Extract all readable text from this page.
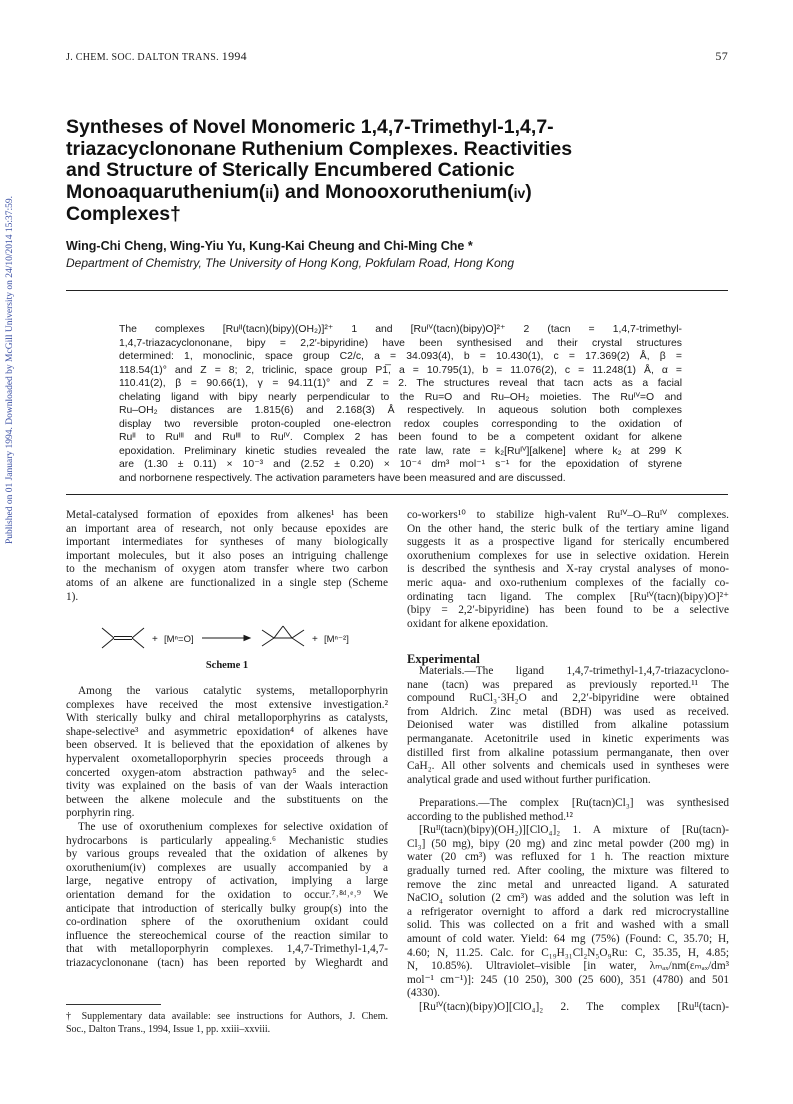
Published on 01 January 1994. Downloaded by McGill University on 24/10/2014 15:37:59.
J. CHEM. SOC. DALTON TRANS. 1994	57
Syntheses of Novel Monomeric 1,4,7-Trimethyl-1,4,7-
triazacyclononane Ruthenium Complexes. Reactivities
and Structure of Sterically Encumbered Cationic
Monoaquaruthenium(ii) and Monooxoruthenium(iv)
Complexes†
Wing-Chi Cheng, Wing-Yiu Yu, Kung-Kai Cheung and Chi-Ming Che *
Department of Chemistry, The University of Hong Kong, Pokfulam Road, Hong Kong
The complexes [Ruᴵᴵ(tacn)(bipy)(OH₂)]²⁺ 1 and [Ruᴵⱽ(tacn)(bipy)O]²⁺ 2 (tacn = 1,4,7-trimethyl-
1,4,7-triazacyclononane, bipy = 2,2′-bipyridine) have been synthesised and their crystal structures
determined: 1, monoclinic, space group C2/c, a = 34.093(4), b = 10.430(1), c = 17.369(2) Å, β =
118.54(1)° and Z = 8; 2, triclinic, space group P1̅, a = 10.795(1), b = 11.076(2), c = 11.248(1) Å, α =
110.41(2), β = 90.66(1), γ = 94.11(1)° and Z = 2. The structures reveal that tacn acts as a facial
chelating ligand with bipy nearly perpendicular to the Ru=O and Ru–OH₂ moieties. The Ruᴵⱽ=O and
Ru–OH₂ distances are 1.815(6) and 2.168(3) Å respectively. In aqueous solution both complexes
display two reversible proton-coupled one-electron redox couples corresponding to the oxidation of
Ruᴵᴵ to Ruᴵᴵᴵ and Ruᴵᴵᴵ to Ruᴵⱽ. Complex 2 has been found to be a competent oxidant for alkene
epoxidation. Preliminary kinetic studies revealed the rate law, rate = k₂[Ruᴵⱽ][alkene] where k₂ at 299 K
are (1.30 ± 0.11) × 10⁻³ and (2.52 ± 0.20) × 10⁻⁴ dm³ mol⁻¹ s⁻¹ for the epoxidation of styrene
and norbornene respectively. The activation parameters have been measured and are discussed.
Metal-catalysed formation of epoxides from alkenes¹ has been
an important area of research, not only because epoxides are
important intermediates for syntheses of many biologically
important molecules, but it also poses an intriguing challenge
to the mechanism of oxygen atom transfer where two carbon
atoms of an alkene are functionalized in a single step (Scheme
1).
+ [Mⁿ=O]	+ [Mⁿ⁻²]
Scheme 1
Among the various catalytic systems, metalloporphyrin
complexes have received the most extensive investigation.²
With sterically bulky and chiral metalloporphyrins as catalysts,
shape-selective³ and asymmetric epoxidation⁴ of alkenes have
been observed. It is believed that the epoxidation of alkenes by
hypervalent oxometalloporphyrin species proceeds through a
concerted oxygen-atom abstraction pathway⁵ and the selec-
tivity was explained on the basis of van der Waals interaction
between the alkene molecule and the substituents on the
porphyrin ring.
The use of oxoruthenium complexes for selective oxidation of
hydrocarbons is particularly appealing.⁶ Mechanistic studies
by various groups revealed that the oxidation of alkenes by
oxoruthenium(iv) complexes are usually accompanied by a
large, negative entropy of activation, implying a large
orientation demand for the oxidation to occur.⁷˒⁸ᵈ˒ᵉ˒⁹ We
anticipate that introduction of sterically bulky group(s) into the
co-ordination sphere of the oxoruthenium oxidant could
influence the stereochemical course of the reaction similar to
that with metalloporphyrin complexes. 1,4,7-Trimethyl-1,4,7-
triazacyclononane (tacn) has been reported by Wieghardt and
† Supplementary data available: see instructions for Authors, J. Chem.
Soc., Dalton Trans., 1994, Issue 1, pp. xxiii–xxviii.
co-workers¹⁰ to stabilize high-valent Ruᴵⱽ–O–Ruᴵⱽ complexes.
On the other hand, the steric bulk of the tertiary amine ligand
suggests it as a prospective ligand for sterically encumbered
oxoruthenium complexes for use in selective oxidation. Herein
is described the synthesis and X-ray crystal analyses of mono-
meric aqua- and oxo-ruthenium complexes of the facially co-
ordinating tacn ligand. The complex [Ruᴵⱽ(tacn)(bipy)O]²⁺
(bipy = 2,2′-bipyridine) has been found to be a selective
oxidant for alkene epoxidation.
Experimental
Materials.—The ligand 1,4,7-trimethyl-1,4,7-triazacyclono-
nane (tacn) was prepared as previously reported.¹¹ The
compound RuCl₃·3H₂O and 2,2′-bipyridine were obtained
from Aldrich. Zinc metal (BDH) was used as received.
Deionised water was distilled from alkaline potassium
permanganate. Acetonitrile used in kinetic experiments was
distilled first from alkaline potassium permanganate, then over
CaH₂. All other solvents and chemicals used in syntheses were
analytical grade and used without further purification.
Preparations.—The complex [Ru(tacn)Cl₃] was synthesised
according to the published method.¹²
[Ruᴵᴵ(tacn)(bipy)(OH₂)][ClO₄]₂ 1. A mixture of [Ru(tacn)-
Cl₃] (50 mg), bipy (20 mg) and zinc metal powder (200 mg) in
water (20 cm³) was refluxed for 1 h. The reaction mixture
gradually turned red. After cooling, the mixture was filtered to
remove the zinc metal and unreacted ligand. A saturated
NaClO₄ solution (2 cm³) was added and the solution was left in
a refrigerator overnight to afford a dark red microcrystalline
solid. This was collected on a frit and washed with a small
amount of cold water. Yield: 64 mg (75%) (Found: C, 35.70; H,
4.60; N, 11.25. Calc. for C₁₉H₃₁Cl₂N₅O₉Ru: C, 35.35, H, 4.85;
N, 10.85%). Ultraviolet–visible [in water, λₘₐₓ/nm(εₘₐₓ/dm³
mol⁻¹ cm⁻¹)]: 245 (10 250), 300 (25 600), 351 (4780) and 501
(4330).
[Ruᴵⱽ(tacn)(bipy)O][ClO₄]₂ 2. The complex [Ruᴵᴵ(tacn)-
